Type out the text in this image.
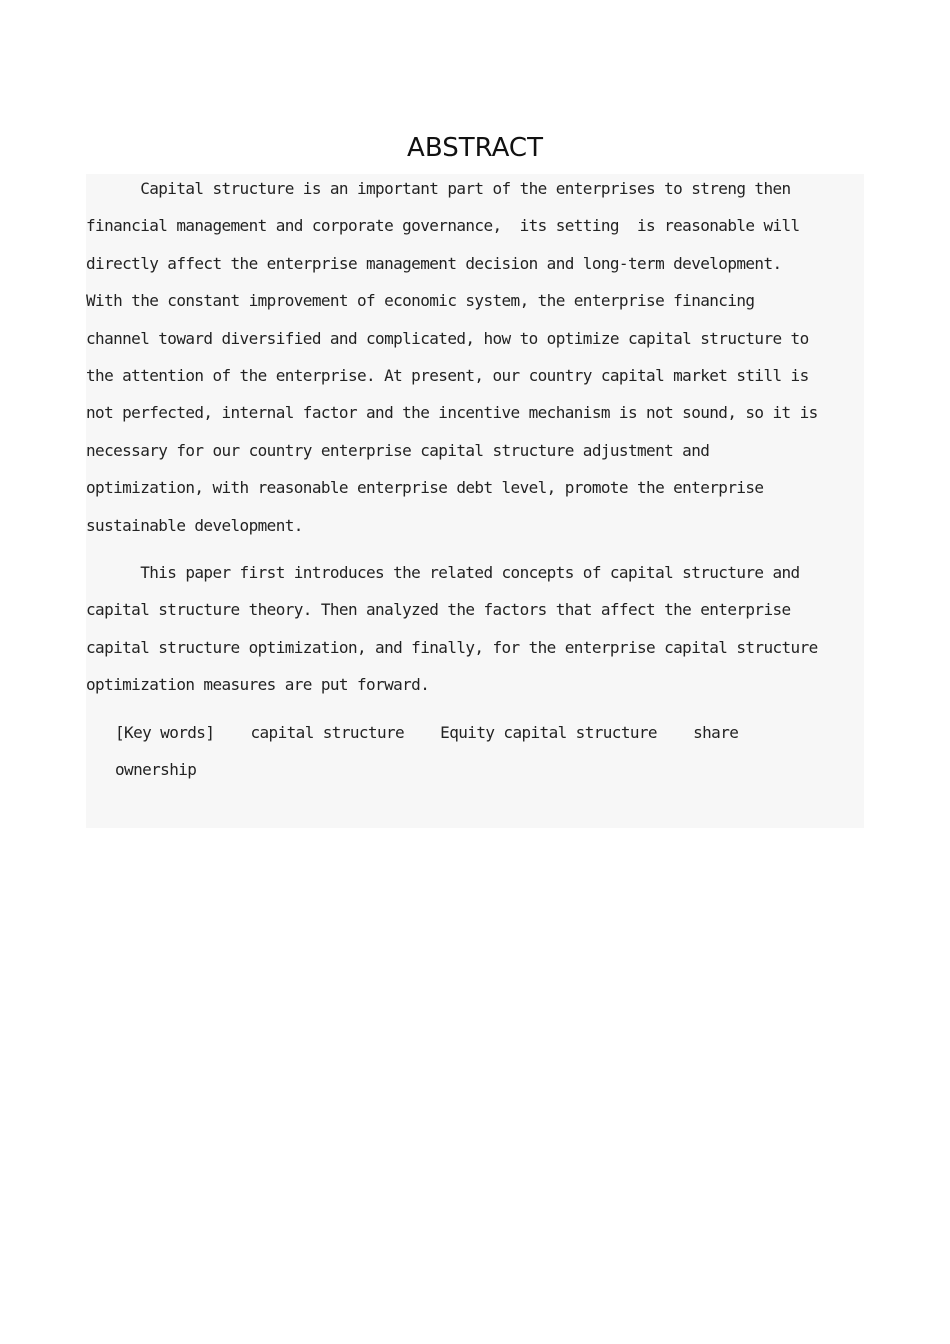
ABSTRACT

Capital structure is an important part of the enterprises to streng then
financial management and corporate governance,  its setting  is reasonable will
directly affect the enterprise management decision and long-term development.
With the constant improvement of economic system, the enterprise financing
channel toward diversified and complicated, how to optimize capital structure to
the attention of the enterprise. At present, our country capital market still is
not perfected, internal factor and the incentive mechanism is not sound, so it is
necessary for our country enterprise capital structure adjustment and
optimization, with reasonable enterprise debt level, promote the enterprise
sustainable development.

This paper first introduces the related concepts of capital structure and
capital structure theory. Then analyzed the factors that affect the enterprise
capital structure optimization, and finally, for the enterprise capital structure
optimization measures are put forward.

[Key words]    capital structure    Equity capital structure    share
ownership
